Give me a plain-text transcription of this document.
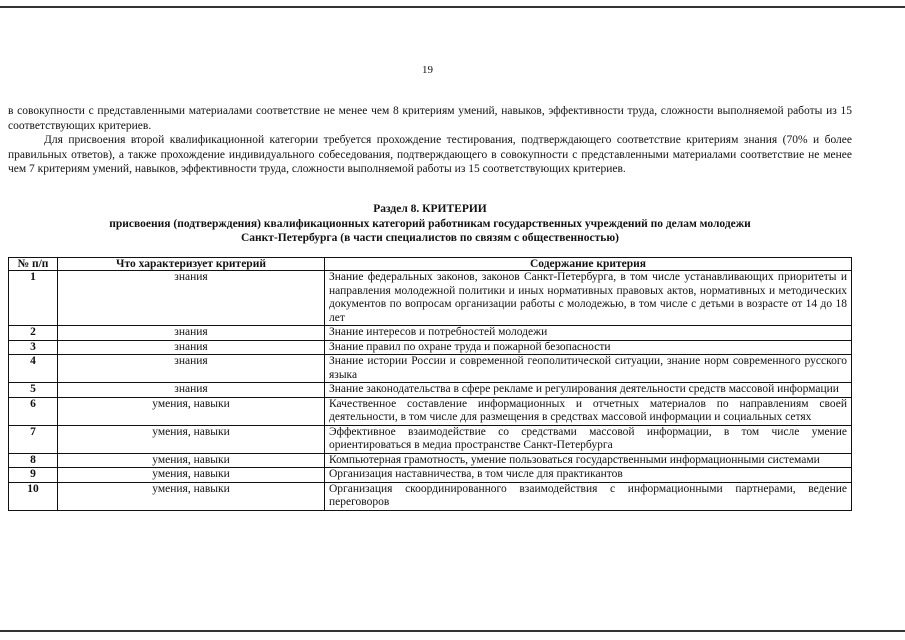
19

в совокупности с представленными материалами соответствие не менее чем 8 критериям умений, навыков, эффективности труда, сложности выполняемой работы из 15 соответствующих критериев.

Для присвоения второй квалификационной категории требуется прохождение тестирования, подтверждающего соответствие критериям знания (70% и более правильных ответов), а также прохождение индивидуального собеседования, подтверждающего в совокупности с представленными материалами соответствие не менее чем 7 критериям умений, навыков, эффективности труда, сложности выполняемой работы из 15 соответствующих критериев.

Раздел 8. КРИТЕРИИ
присвоения (подтверждения) квалификационных категорий работникам государственных учреждений по делам молодежи
Санкт-Петербурга (в части специалистов по связям с общественностью)
№ п/п	Что характеризует критерий	Содержание критерия
1	знания	Знание федеральных законов, законов Санкт-Петербурга, в том числе устанавливающих приоритеты и направления молодежной политики и иных нормативных правовых актов, нормативных и методических документов по вопросам организации работы с молодежью, в том числе с детьми в возрасте от 14 до 18 лет
2	знания	Знание интересов и потребностей молодежи
3	знания	Знание правил по охране труда и пожарной безопасности
4	знания	Знание истории России и современной геополитической ситуации, знание норм современного русского языка
5	знания	Знание законодательства в сфере рекламе и регулирования деятельности средств массовой информации
6	умения, навыки	Качественное составление информационных и отчетных материалов по направлениям своей деятельности, в том числе для размещения в средствах массовой информации и социальных сетях
7	умения, навыки	Эффективное взаимодействие со средствами массовой информации, в том числе умение ориентироваться в медиа пространстве Санкт-Петербурга
8	умения, навыки	Компьютерная грамотность, умение пользоваться государственными информационными системами
9	умения, навыки	Организация наставничества, в том числе для практикантов
10	умения, навыки	Организация скоординированного взаимодействия с информационными партнерами, ведение переговоров
